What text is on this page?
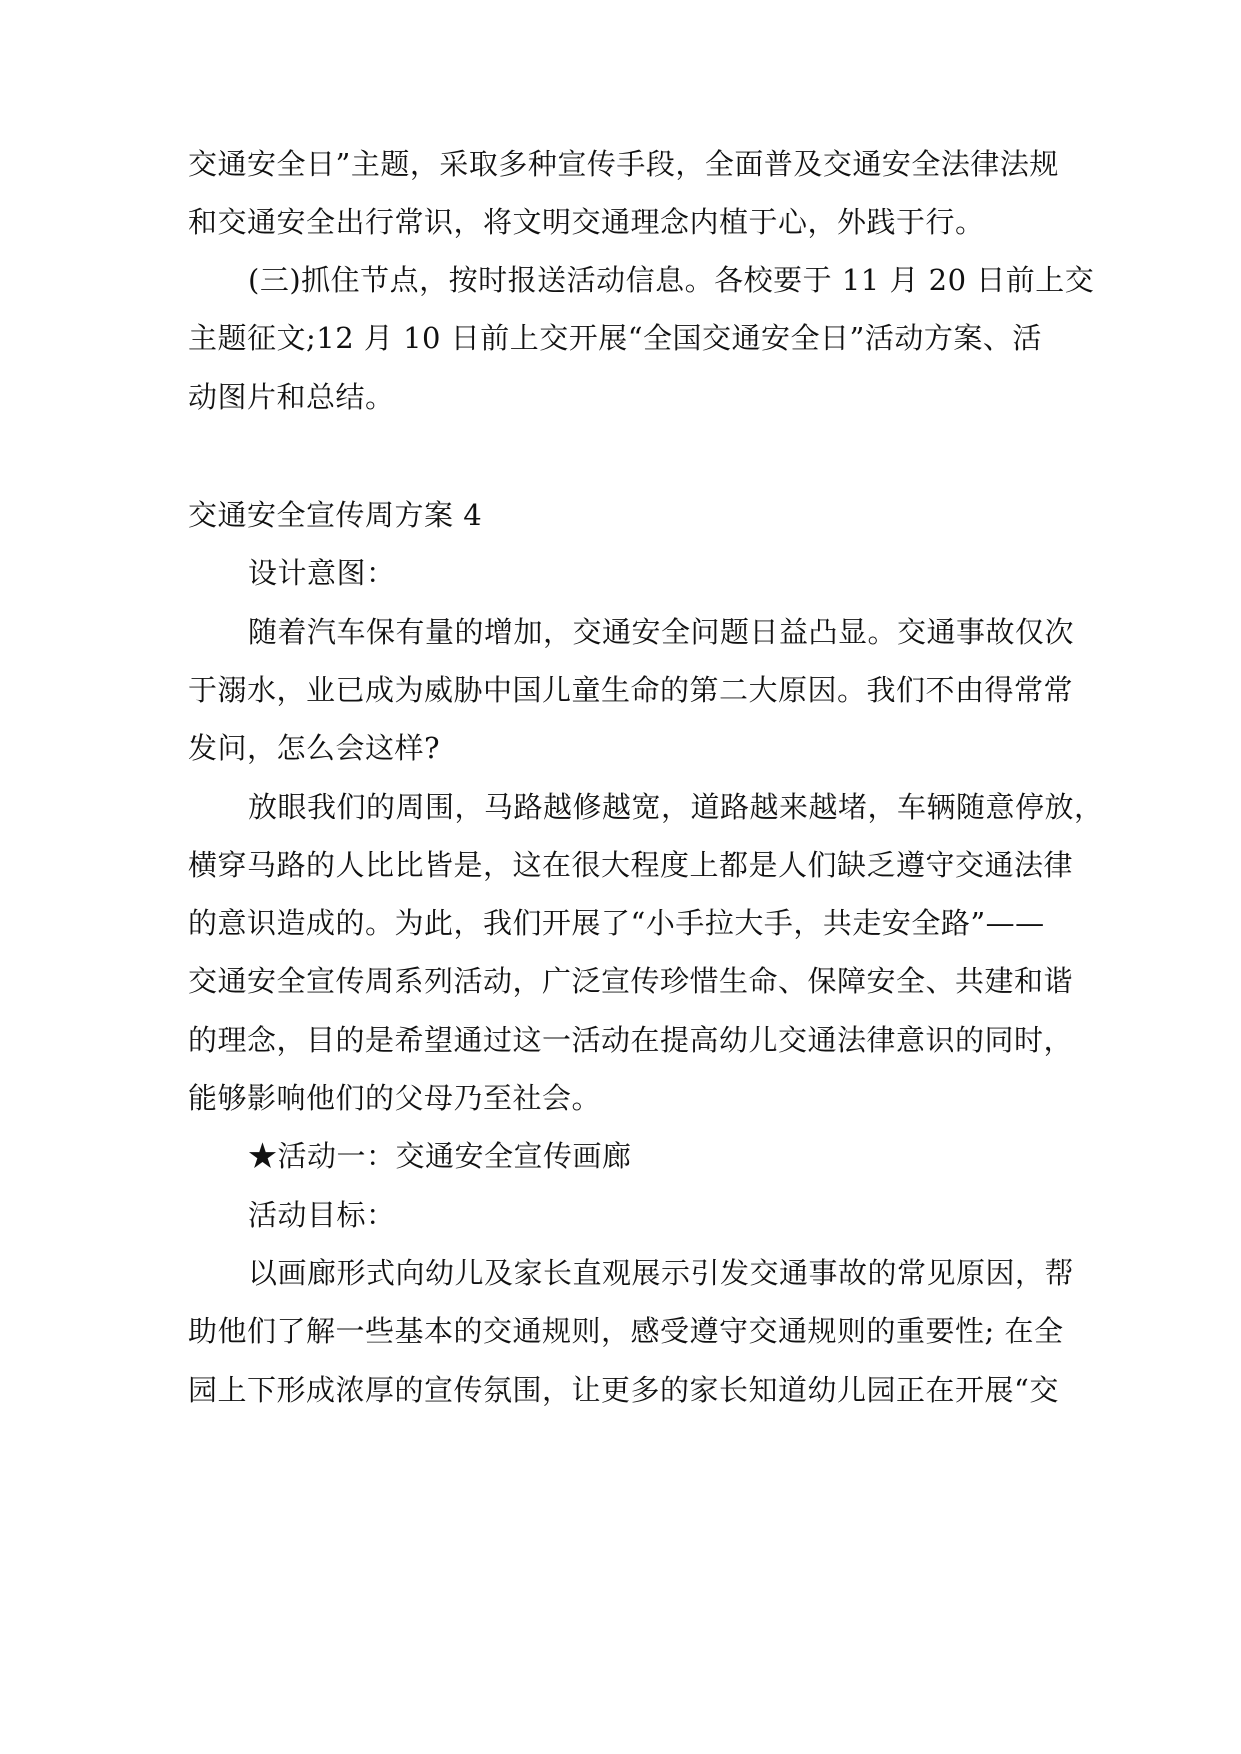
交通安全日”主题，采取多种宣传手段，全面普及交通安全法律法规
和交通安全出行常识，将文明交通理念内植于心，外践于行。
(三)抓住节点，按时报送活动信息。各校要于 11 月 20 日前上交
主题征文;12 月 10 日前上交开展“全国交通安全日”活动方案、活
动图片和总结。
交通安全宣传周方案 4
设计意图：
随着汽车保有量的增加，交通安全问题日益凸显。交通事故仅次
于溺水，业已成为威胁中国儿童生命的第二大原因。我们不由得常常
发问，怎么会这样?
放眼我们的周围，马路越修越宽，道路越来越堵，车辆随意停放，
横穿马路的人比比皆是，这在很大程度上都是人们缺乏遵守交通法律
的意识造成的。为此，我们开展了“小手拉大手，共走安全路”——
交通安全宣传周系列活动，广泛宣传珍惜生命、保障安全、共建和谐
的理念，目的是希望通过这一活动在提高幼儿交通法律意识的同时，
能够影响他们的父母乃至社会。
★活动一：交通安全宣传画廊
活动目标：
以画廊形式向幼儿及家长直观展示引发交通事故的常见原因，帮
助他们了解一些基本的交通规则，感受遵守交通规则的重要性; 在全
园上下形成浓厚的宣传氛围，让更多的家长知道幼儿园正在开展“交
